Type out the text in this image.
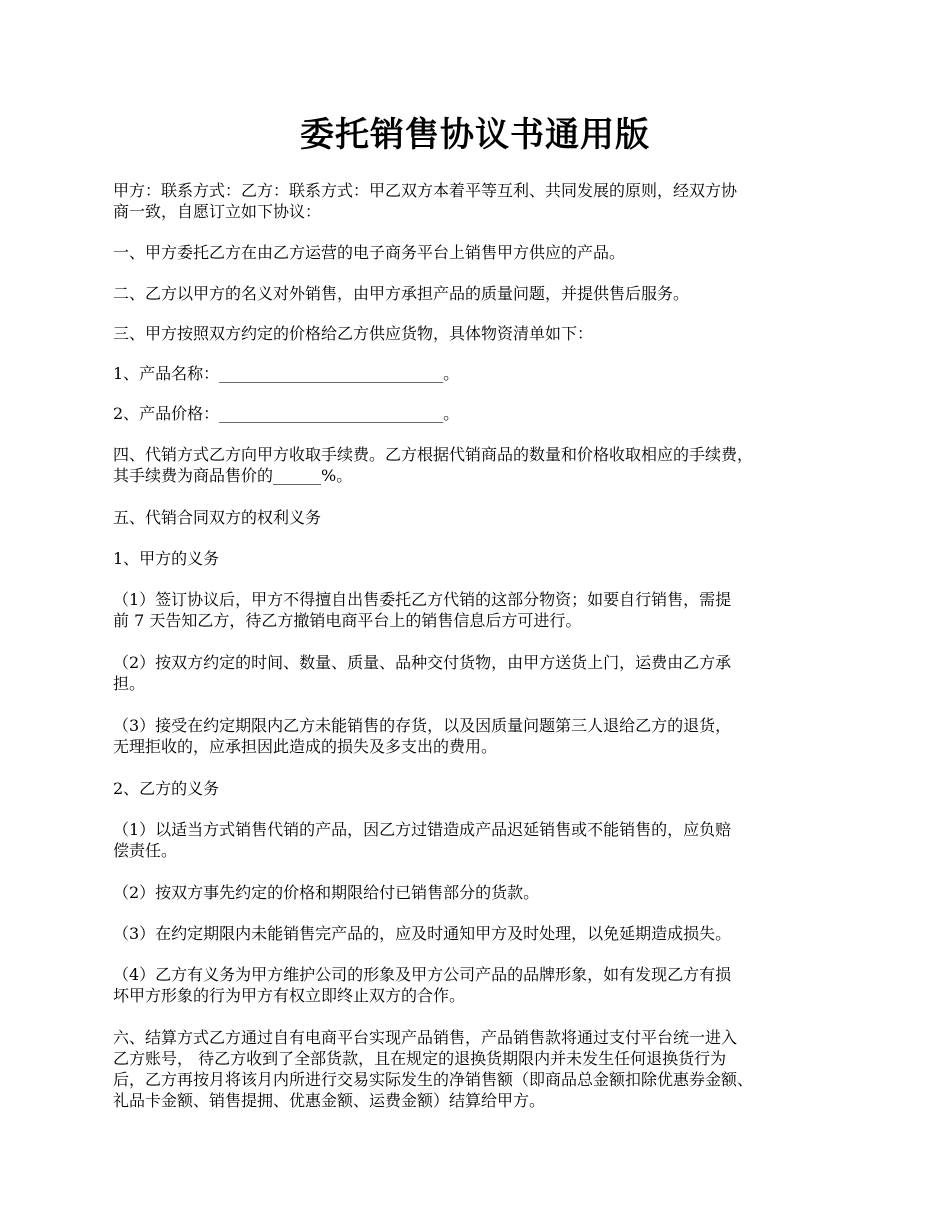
委托销售协议书通用版
甲方：联系方式：乙方：联系方式：甲乙双方本着平等互利、共同发展的原则，经双方协
商一致，自愿订立如下协议：
一、甲方委托乙方在由乙方运营的电子商务平台上销售甲方供应的产品。
二、乙方以甲方的名义对外销售，由甲方承担产品的质量问题，并提供售后服务。
三、甲方按照双方约定的价格给乙方供应货物，具体物资清单如下：
1、产品名称：____________________________。
2、产品价格：____________________________。
四、代销方式乙方向甲方收取手续费。乙方根据代销商品的数量和价格收取相应的手续费，
其手续费为商品售价的______%。
五、代销合同双方的权利义务
1、甲方的义务
（1）签订协议后，甲方不得擅自出售委托乙方代销的这部分物资；如要自行销售，需提
前 7 天告知乙方，待乙方撤销电商平台上的销售信息后方可进行。
（2）按双方约定的时间、数量、质量、品种交付货物，由甲方送货上门，运费由乙方承
担。
（3）接受在约定期限内乙方未能销售的存货，以及因质量问题第三人退给乙方的退货，
无理拒收的，应承担因此造成的损失及多支出的费用。
2、乙方的义务
（1）以适当方式销售代销的产品，因乙方过错造成产品迟延销售或不能销售的，应负赔
偿责任。
（2）按双方事先约定的价格和期限给付已销售部分的货款。
（3）在约定期限内未能销售完产品的，应及时通知甲方及时处理，以免延期造成损失。
（4）乙方有义务为甲方维护公司的形象及甲方公司产品的品牌形象，如有发现乙方有损
坏甲方形象的行为甲方有权立即终止双方的合作。
六、结算方式乙方通过自有电商平台实现产品销售，产品销售款将通过支付平台统一进入
乙方账号， 待乙方收到了全部货款，且在规定的退换货期限内并未发生任何退换货行为
后，乙方再按月将该月内所进行交易实际发生的净销售额（即商品总金额扣除优惠券金额、
礼品卡金额、销售提拥、优惠金额、运费金额）结算给甲方。
